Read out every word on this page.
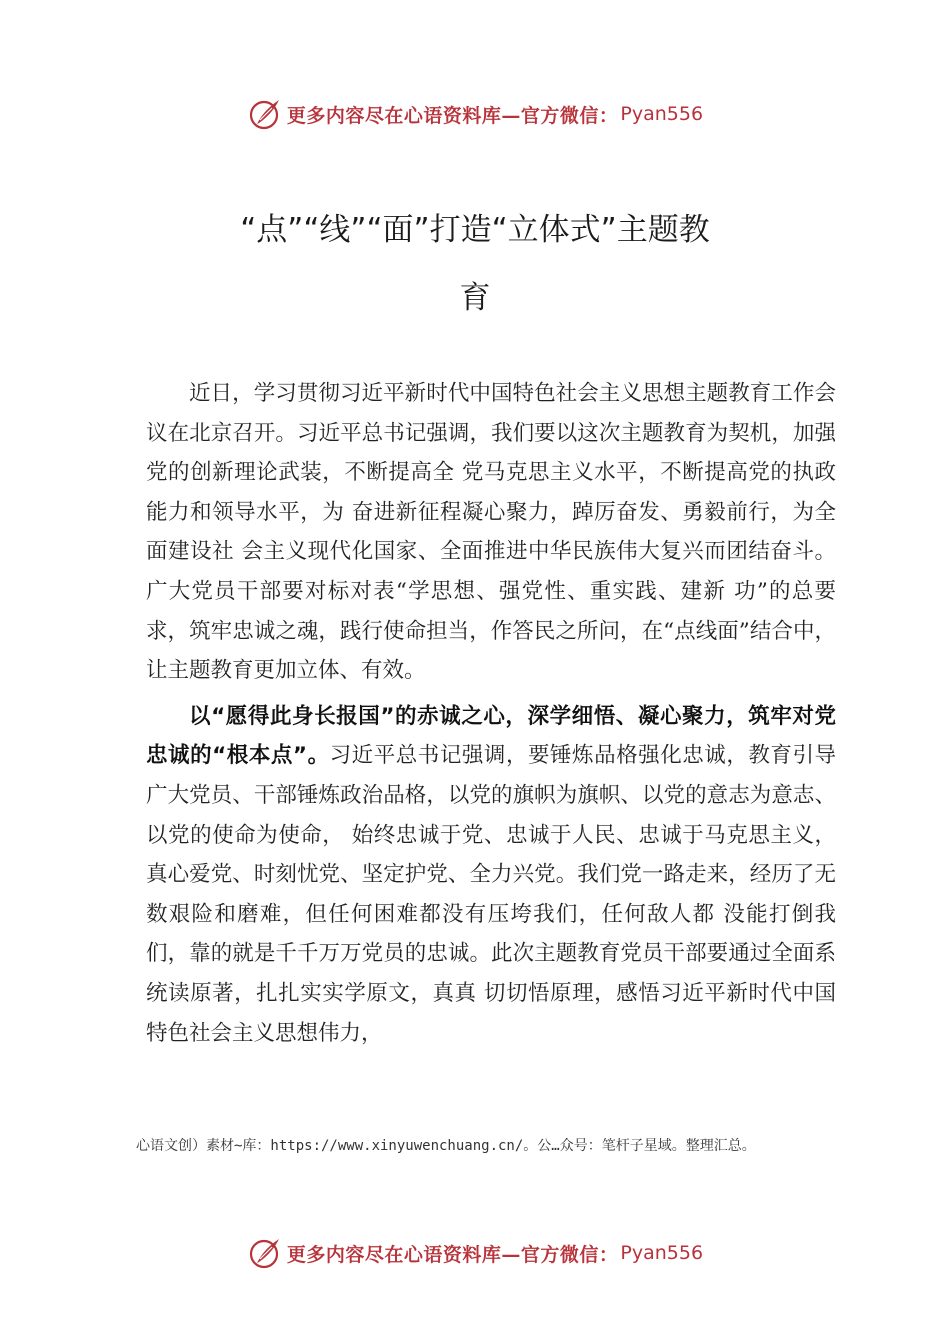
更多内容尽在心语资料库—官方微信： Pyan556
“点”“线”“面”打造“立体式”主题教
育

近日，学习贯彻习近平新时代中国特色社会主义思想主题教育工作会议在北京召开。习近平总书记强调，我们要以这次主题教育为契机，加强党的创新理论武装，不断提高全 党马克思主义水平，不断提高党的执政能力和领导水平，为 奋进新征程凝心聚力，踔厉奋发、勇毅前行，为全面建设社 会主义现代化国家、全面推进中华民族伟大复兴而团结奋斗。广大党员干部要对标对表“学思想、强党性、重实践、建新 功”的总要求，筑牢忠诚之魂，践行使命担当，作答民之所问，在“点线面”结合中，让主题教育更加立体、有效。

以“愿得此身长报国”的赤诚之心，深学细悟、凝心聚力，筑牢对党忠诚的“根本点”。习近平总书记强调，要锤炼品格强化忠诚，教育引导广大党员、干部锤炼政治品格，以党的旗帜为旗帜、以党的意志为意志、以党的使命为使命， 始终忠诚于党、忠诚于人民、忠诚于马克思主义，真心爱党、时刻忧党、坚定护党、全力兴党。我们党一路走来，经历了无数艰险和磨难，但任何困难都没有压垮我们，任何敌人都 没能打倒我们，靠的就是千千万万党员的忠诚。此次主题教育党员干部要通过全面系统读原著，扎扎实实学原文，真真 切切悟原理，感悟习近平新时代中国特色社会主义思想伟力，

心语文创）素材~库：https://www.xinyuwenchuang.cn/。公…众号：笔杆子星域。整理汇总。
更多内容尽在心语资料库—官方微信： Pyan556
